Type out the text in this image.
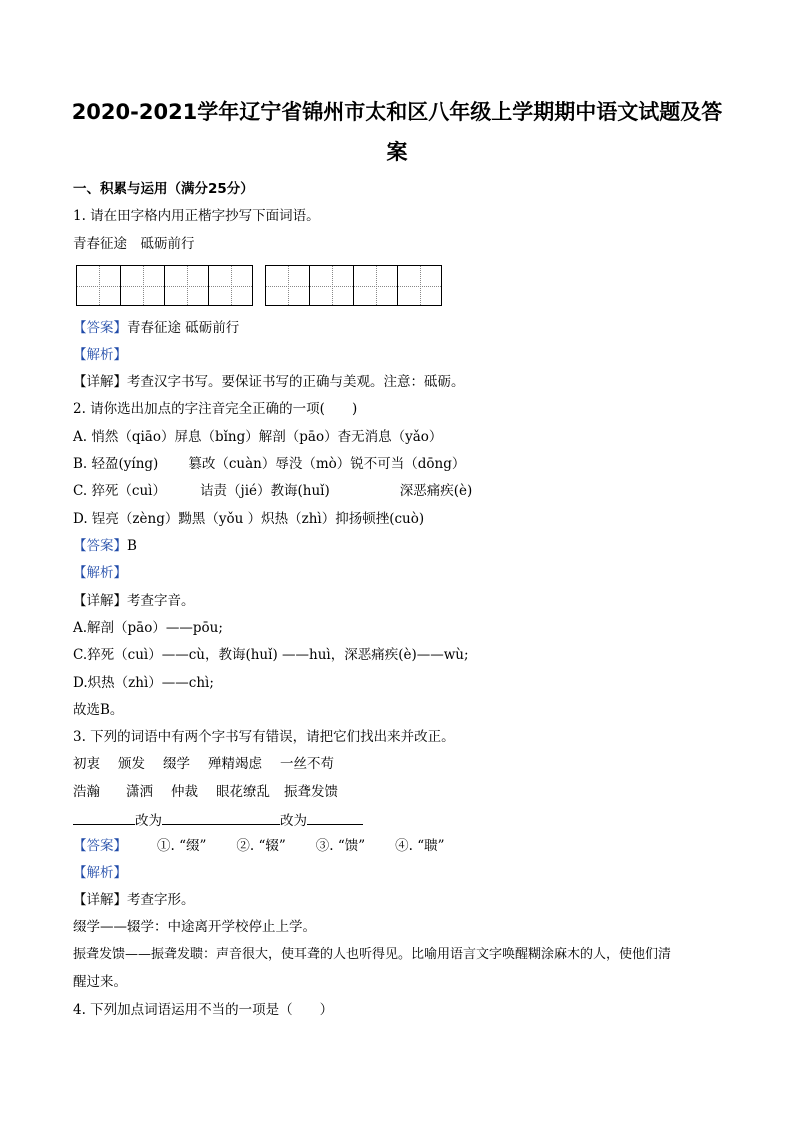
2020-2021学年辽宁省锦州市太和区八年级上学期期中语文试题及答
案
一、积累与运用（满分25分）
1. 请在田字格内用正楷字抄写下面词语。
青春征途　砥砺前行
【答案】青春征途 砥砺前行
【解析】
【详解】考查汉字书写。要保证书写的正确与美观。注意：砥砺。
2. 请你选出加点的字注音完全正确的一项(　　)
A. 悄然（qiāo）屏息（bǐng）解剖（pāo）杳无消息（yǎo）
B. 轻盈(yíng) 篡改（cuàn）辱没（mò）锐不可当（dōng）
C. 猝死（cuì）	诘责（jié）教诲(huǐ)	深恶痛疾(è)
D. 锃亮（zèng）黝黑（yǒu ）炽热（zhì）抑扬顿挫(cuò)
【答案】B
【解析】
【详解】考查字音。
A.解剖（pāo）——pōu;
C.猝死（cuì）——cù，教诲(huǐ) ——huì，深恶痛疾(è)——wù;
D.炽热（zhì）——chì;
故选B。
3. 下列的词语中有两个字书写有错误，请把它们找出来并改正。
初衷 颁发 缀学 殚精竭虑 一丝不苟
浩瀚 潇洒 仲裁 眼花缭乱 振聋发馈
改为	改为
【答案】 ①. “缀” ②. “辍” ③. “馈” ④. “聩”
【解析】
【详解】考查字形。
缀学——辍学：中途离开学校停止上学。
振聋发馈——振聋发聩：声音很大，使耳聋的人也听得见。比喻用语言文字唤醒糊涂麻木的人，使他们清
醒过来。
4. 下列加点词语运用不当的一项是（　　）
